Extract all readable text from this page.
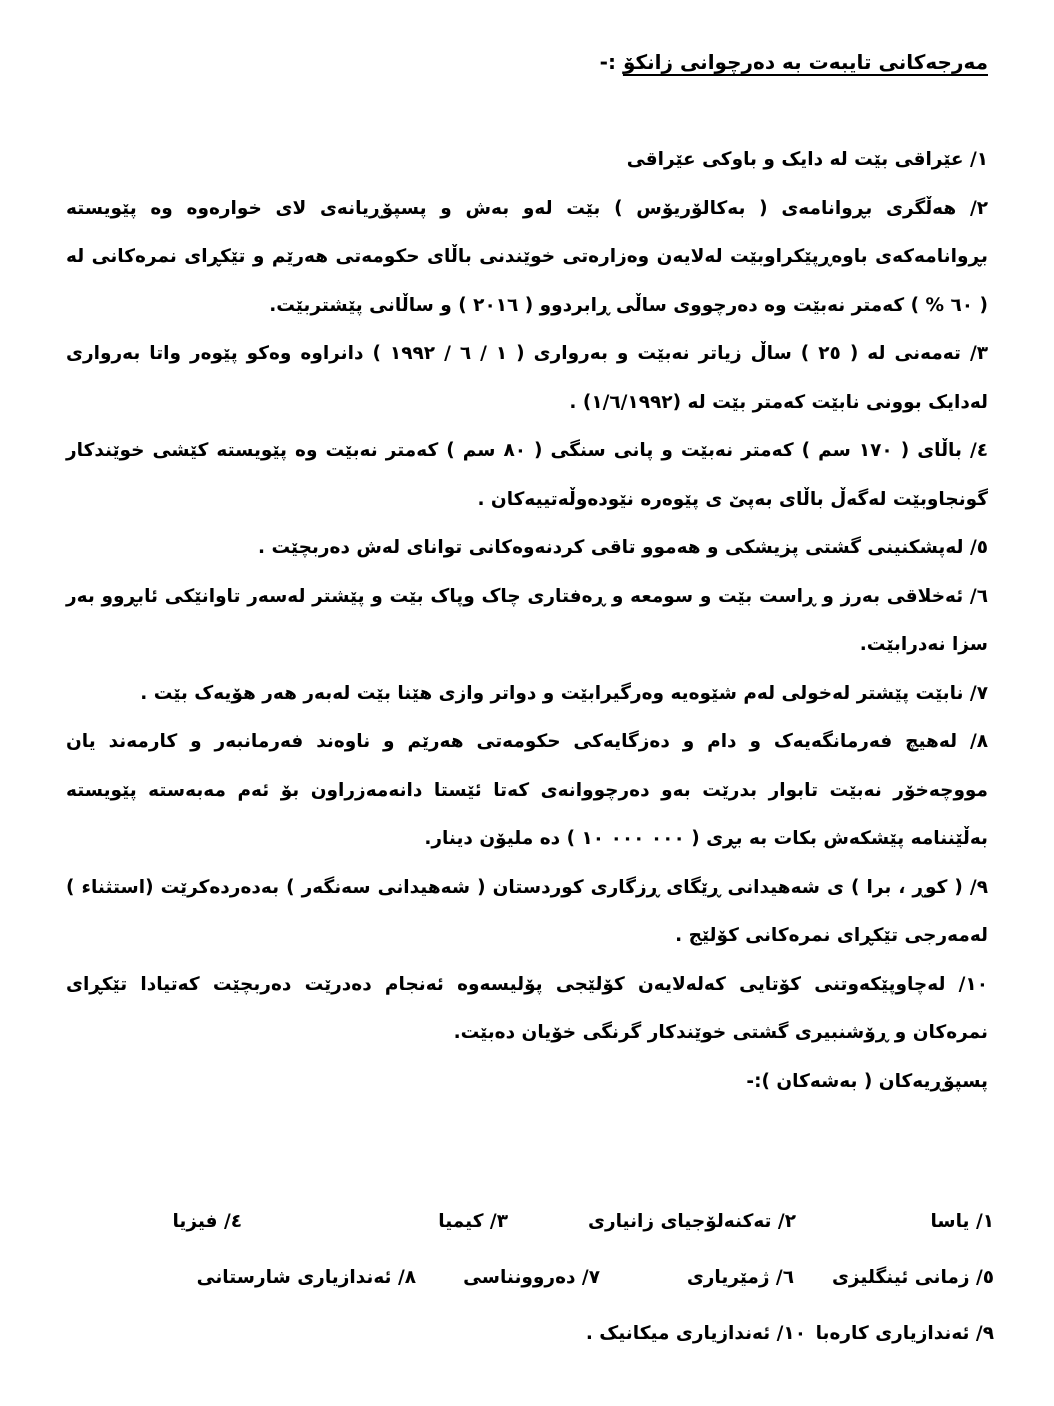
مەرجەکانی تایبەت بە دەرچوانی زانکۆ :-

١/ عێراقی بێت لە دایک و باوکی عێراقی

٢/ هەڵگری بڕوانامەی ( بەکالۆریۆس ) بێت لەو بەش و پسپۆڕیانەی لای خوارەوە وە پێویستە بڕوانامەکەی باوەڕپێکراوبێت لەلایەن وەزارەتی خوێندنی باڵای حکومەتی هەرێم و تێکڕای نمرەکانی لە ( ٦٠ % ) کەمتر نەبێت وە دەرچووی ساڵی ڕابردوو ( ٢٠١٦ ) و ساڵانی پێشتربێت.

٣/ تەمەنی لە ( ٢٥ ) ساڵ زیاتر نەبێت و بەرواری ( ١ / ٦ / ١٩٩٢ ) دانراوە وەکو پێوەر واتا بەرواری لەدایک بوونی نابێت کەمتر بێت لە (١/٦/١٩٩٢) .

٤/ باڵای ( ١٧٠ سم ) کەمتر نەبێت و پانی سنگی ( ٨٠ سم ) کەمتر نەبێت وە پێویستە کێشی خوێندکار گونجاوبێت لەگەڵ باڵای بەپێ ی پێوەرە نێودەوڵەتییەکان .

٥/ لەپشکنینی گشتی پزیشکی و هەموو تاقی کردنەوەکانی توانای لەش دەربچێت .

٦/ ئەخلاقی بەرز و ڕاست بێت و سومعە و ڕەفتاری چاک وپاک بێت و پێشتر لەسەر تاوانێکی ئابڕوو بەر سزا نەدرابێت.

٧/ نابێت پێشتر لەخولی لەم شێوەیە وەرگیرابێت و دواتر وازی هێنا بێت لەبەر هەر هۆیەک بێت .

٨/ لەهیچ فەرمانگەیەک و دام و دەزگایەکی حکومەتی هەرێم و ناوەند فەرمانبەر و کارمەند یان مووچەخۆر نەبێت تابوار بدرێت بەو دەرچووانەی کەتا ئێستا دانەمەزراون بۆ ئەم مەبەستە پێویستە بەڵێننامە پێشکەش بکات بە بڕی ( ٠٠٠ ٠٠٠ ١٠ ) دە ملیۆن دینار.

٩/ ( کوڕ ، برا ) ی شەهیدانی ڕێگای ڕزگاری کوردستان ( شەهیدانی سەنگەر ) بەدەردەکرێت (استثناء ) لەمەرجی تێکڕای نمرەکانی کۆلێج .

١٠/ لەچاوپێکەوتنی کۆتایی کەلەلایەن کۆلێجی پۆلیسەوە ئەنجام دەدرێت دەربچێت کەتیادا تێکڕای نمرەکان و ڕۆشنبیری گشتی خوێندکار گرنگی خۆیان دەبێت.

پسپۆڕیەکان ( بەشەکان ):-

١/ یاسا
٢/ تەکنەلۆجیای زانیاری
٣/ کیمیا
٤/ فیزیا
٥/ زمانی ئینگلیزی
٦/ ژمێریاری
٧/ دەروونناسی
٨/ ئەندازیاری شارستانی
٩/ ئەندازیاری کارەبا
١٠/ ئەندازیاری میکانیک .
